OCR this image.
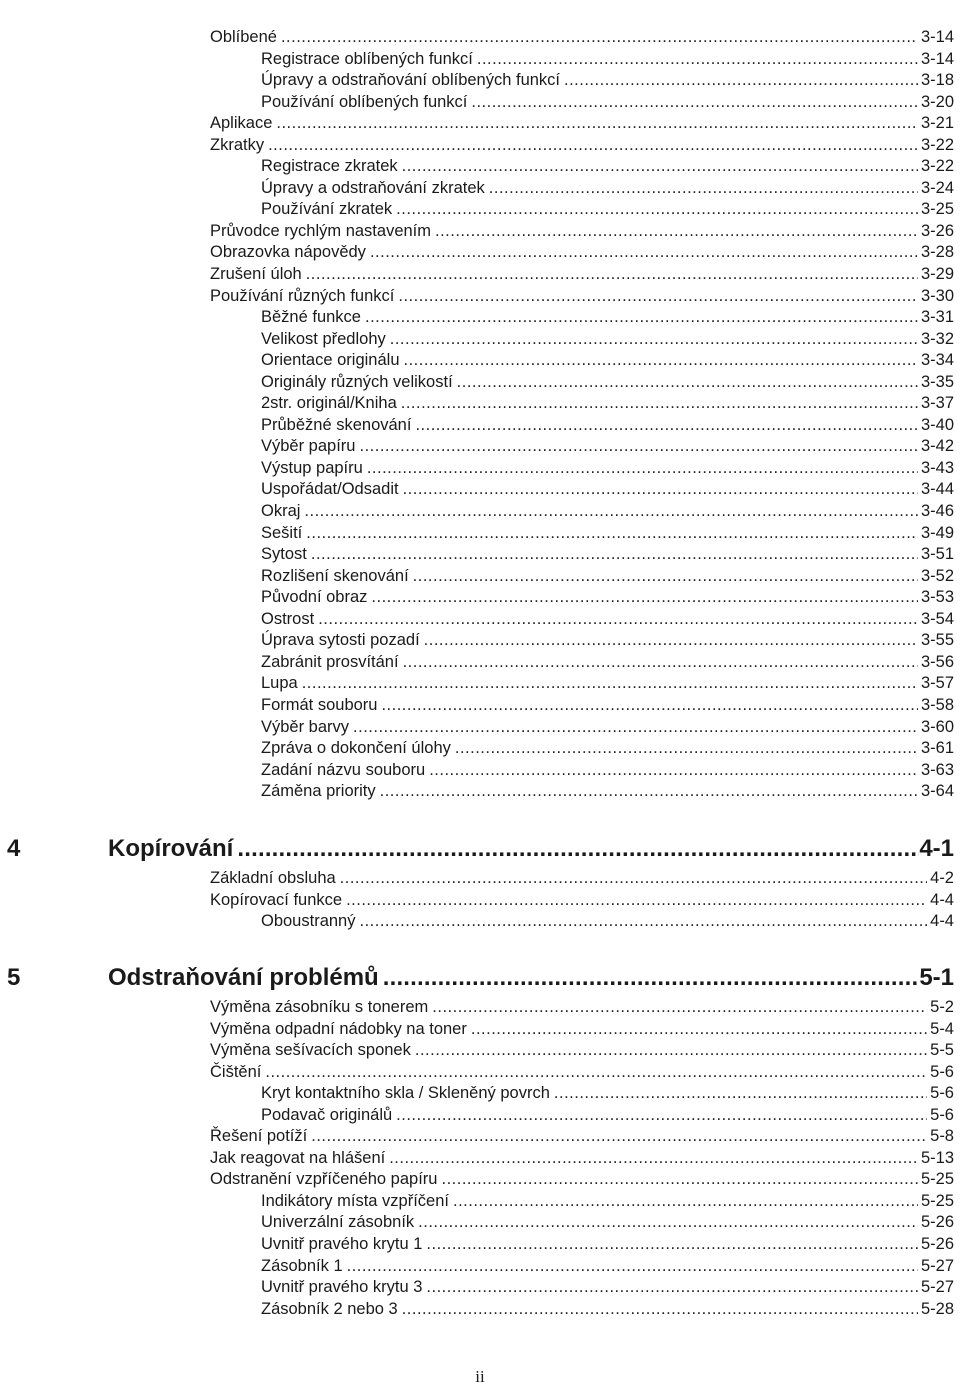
Oblíbené .....	3-14
Registrace oblíbených funkcí .....	3-14
Úpravy a odstraňování oblíbených funkcí .....	3-18
Používání oblíbených funkcí .....	3-20
Aplikace .....	3-21
Zkratky .....	3-22
Registrace zkratek .....	3-22
Úpravy a odstraňování zkratek .....	3-24
Používání zkratek .....	3-25
Průvodce rychlým nastavením .....	3-26
Obrazovka nápovědy .....	3-28
Zrušení úloh .....	3-29
Používání různých funkcí .....	3-30
Běžné funkce .....	3-31
Velikost předlohy .....	3-32
Orientace originálu .....	3-34
Originály různých velikostí .....	3-35
2str. originál/Kniha .....	3-37
Průběžné skenování .....	3-40
Výběr papíru .....	3-42
Výstup papíru .....	3-43
Uspořádat/Odsadit .....	3-44
Okraj .....	3-46
Sešití .....	3-49
Sytost .....	3-51
Rozlišení skenování .....	3-52
Původní obraz .....	3-53
Ostrost .....	3-54
Úprava sytosti pozadí .....	3-55
Zabránit prosvítání .....	3-56
Lupa .....	3-57
Formát souboru .....	3-58
Výběr barvy .....	3-60
Zpráva o dokončení úlohy .....	3-61
Zadání názvu souboru .....	3-63
Záměna priority .....	3-64
4	Kopírování .....	4-1
Základní obsluha .....	4-2
Kopírovací funkce .....	4-4
Oboustranný .....	4-4
5	Odstraňování problémů .....	5-1
Výměna zásobníku s tonerem .....	5-2
Výměna odpadní nádobky na toner .....	5-4
Výměna sešívacích sponek .....	5-5
Čištění .....	5-6
Kryt kontaktního skla / Skleněný povrch .....	5-6
Podavač originálů .....	5-6
Řešení potíží .....	5-8
Jak reagovat na hlášení .....	5-13
Odstranění vzpříčeného papíru .....	5-25
Indikátory místa vzpříčení .....	5-25
Univerzální zásobník .....	5-26
Uvnitř pravého krytu 1 .....	5-26
Zásobník 1 .....	5-27
Uvnitř pravého krytu 3 .....	5-27
Zásobník 2 nebo 3 .....	5-28
ii
